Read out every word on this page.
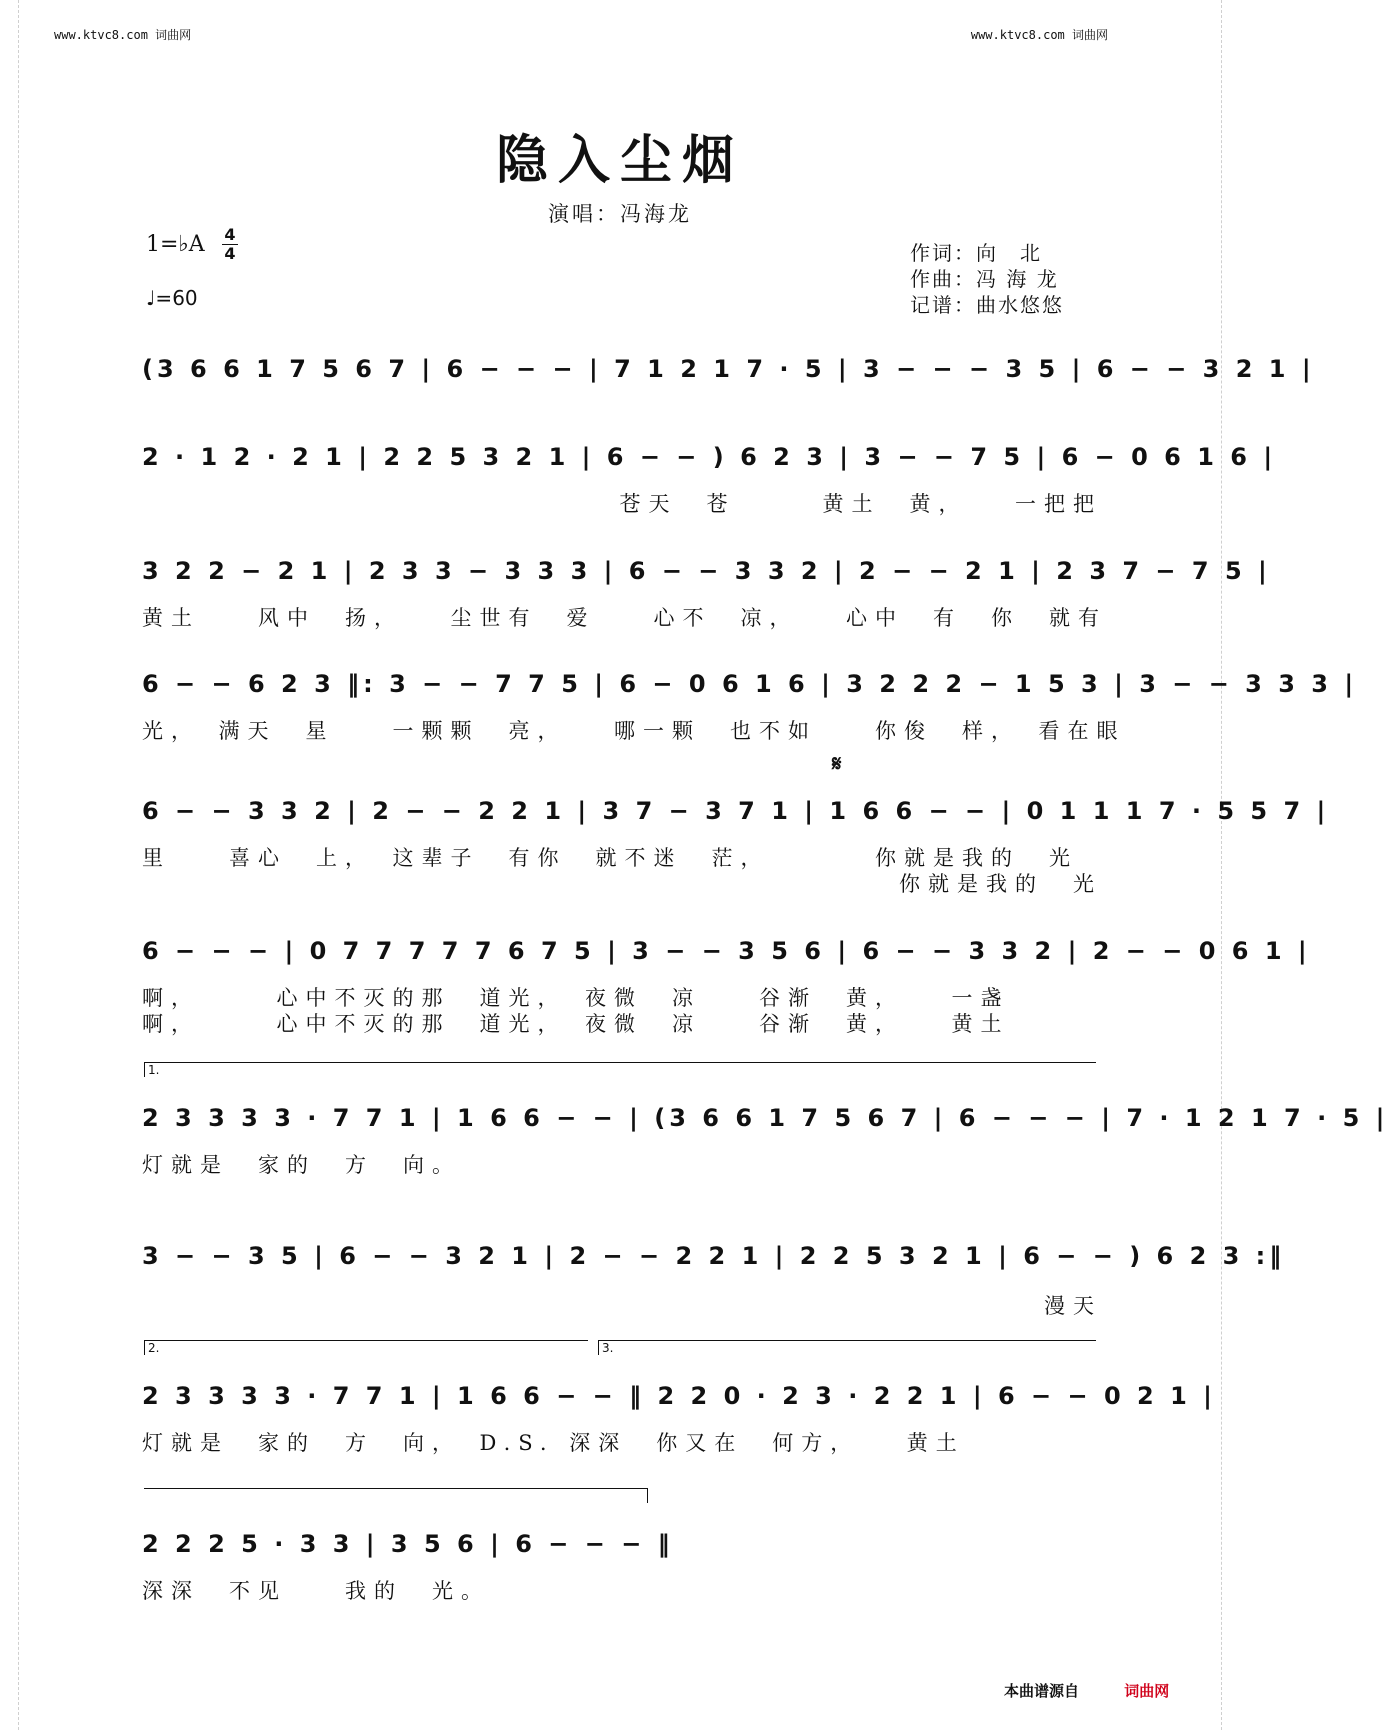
www.ktvc8.com 词曲网	www.ktvc8.com 词曲网
隐入尘烟
演唱：冯海龙
1=♭A 4
4
♩=60
作词：向　北
作曲：冯 海 龙
记谱：曲水悠悠
(3 6 6 1 7 5 6 7 | 6 − − − | 7 1 2 1 7 · 5 | 3 − − − 3 5 | 6 − − 3 2 1 |
2 · 1 2 · 2 1 | 2 2 5 3 2 1 | 6 − − ) 6 2 3 | 3 − − 7 5 | 6 − 0 6 1 6 |
苍天　苍　　　黄土　黄，　　一把把
3 2 2 − 2 1 | 2 3 3 − 3 3 3 | 6 − − 3 3 2 | 2 − − 2 1 | 2 3 7 − 7 5 |
黄土　　风中　扬，　　尘世有　爱　　心不　凉，　　心中　有　你　就有
6 − − 6 2 3 ‖: 3 − − 7 7 5 | 6 − 0 6 1 6 | 3 2 2 2 − 1 5 3 | 3 − − 3 3 3 |
光，　满天　星　　一颗颗　亮，　　哪一颗　也不如　　你俊　样，　看在眼
𝄋
6 − − 3 3 2 | 2 − − 2 2 1 | 3 7 − 3 7 1 | 1 6 6 − − | 0 1 1 1 7 · 5 5 7 |
里　　喜心　上，　这辈子　有你　就不迷　茫，　　　　你就是我的　光
你就是我的　光
6 − − − | 0 7 7 7 7 7 6 7 5 | 3 − − 3 5 6 | 6 − − 3 3 2 | 2 − − 0 6 1 |
啊，　　　心中不灭的那　道光，　夜微　凉　　谷渐　黄，　　一盏
啊，　　　心中不灭的那　道光，　夜微　凉　　谷渐　黄，　　黄土
1.
2 3 3 3 3 · 7 7 1 | 1 6 6 − − | (3 6 6 1 7 5 6 7 | 6 − − − | 7 · 1 2 1 7 · 5 |
灯就是　家的　方　向。
3 − − 3 5 | 6 − − 3 2 1 | 2 − − 2 2 1 | 2 2 5 3 2 1 | 6 − − ) 6 2 3 :‖
漫天
2.	3.
2 3 3 3 3 · 7 7 1 | 1 6 6 − − ‖ 2 2 0 · 2 3 · 2 2 1 | 6 − − 0 2 1 |
灯就是　家的　方　向，　D.S. 深深　你又在　何方，　　黄土
2 2 2 5 · 3 3 | 3 5 6 | 6 − − − ‖
深深　不见　　我的　光。
本曲谱源自	词曲网
